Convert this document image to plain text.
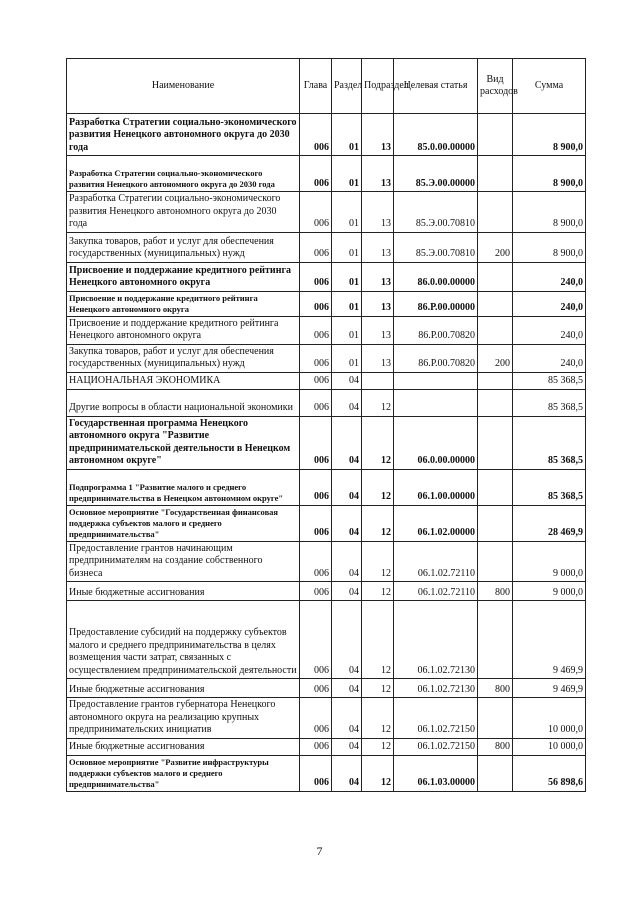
Наименование	Глава	Раздел	Подраздел	Целевая статья	Вид расходов	Сумма
Разработка Стратегии социально-экономического развития Ненецкого автономного округа до 2030 года	006	01	13	85.0.00.00000		8 900,0
Разработка Стратегии социально-экономического развития Ненецкого автономного округа до 2030 года	006	01	13	85.Э.00.00000		8 900,0
Разработка Стратегии социально-экономического развития Ненецкого автономного округа до 2030 года	006	01	13	85.Э.00.70810		8 900,0
Закупка товаров, работ и услуг для обеспечения государственных (муниципальных) нужд	006	01	13	85.Э.00.70810	200	8 900,0
Присвоение и поддержание кредитного рейтинга Ненецкого автономного округа	006	01	13	86.0.00.00000		240,0
Присвоение и поддержание кредитного рейтинга Ненецкого автономного округа	006	01	13	86.Р.00.00000		240,0
Присвоение и поддержание кредитного рейтинга Ненецкого автономного округа	006	01	13	86.Р.00.70820		240,0
Закупка товаров, работ и услуг для обеспечения государственных (муниципальных) нужд	006	01	13	86.Р.00.70820	200	240,0
НАЦИОНАЛЬНАЯ ЭКОНОМИКА	006	04				85 368,5
Другие вопросы в области национальной экономики	006	04	12			85 368,5
Государственная программа Ненецкого автономного округа "Развитие предпринимательской деятельности в Ненецком автономном округе"	006	04	12	06.0.00.00000		85 368,5
Подпрограмма 1 "Развитие малого и среднего предпринимательства в Ненецком автономном округе"	006	04	12	06.1.00.00000		85 368,5
Основное мероприятие "Государственная финансовая поддержка субъектов малого и среднего предпринимательства"	006	04	12	06.1.02.00000		28 469,9
Предоставление грантов начинающим предпринимателям на создание собственного бизнеса	006	04	12	06.1.02.72110		9 000,0
Иные бюджетные ассигнования	006	04	12	06.1.02.72110	800	9 000,0
Предоставление субсидий на поддержку субъектов малого и среднего предпринимательства в целях возмещения части затрат, связанных с осуществлением предпринимательской деятельности	006	04	12	06.1.02.72130		9 469,9
Иные бюджетные ассигнования	006	04	12	06.1.02.72130	800	9 469,9
Предоставление грантов губернатора Ненецкого автономного округа на реализацию крупных предпринимательских инициатив	006	04	12	06.1.02.72150		10 000,0
Иные бюджетные ассигнования	006	04	12	06.1.02.72150	800	10 000,0
Основное мероприятие "Развитие инфраструктуры поддержки субъектов малого и среднего предпринимательства"	006	04	12	06.1.03.00000		56 898,6
7
